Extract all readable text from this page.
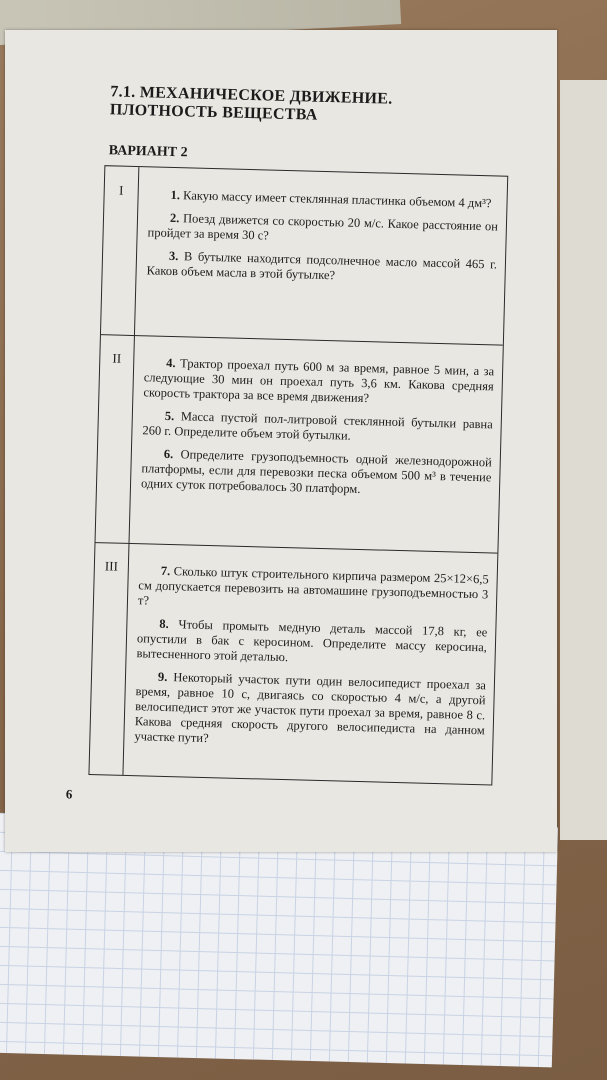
7.1. МЕХАНИЧЕСКОЕ ДВИЖЕНИЕ.
ПЛОТНОСТЬ ВЕЩЕСТВА
ВАРИАНТ 2
I	1. Какую массу имеет стеклянная пластинка объемом 4 дм³?

2. Поезд движется со скоростью 20 м/с. Какое расстояние он пройдет за время 30 с?

3. В бутылке находится подсолнечное масло массой 465 г. Каков объем масла в этой бутылке?

II	4. Трактор проехал путь 600 м за время, равное 5 мин, а за следующие 30 мин он проехал путь 3,6 км. Какова средняя скорость трактора за все время движения?

5. Масса пустой пол-литровой стеклянной бутылки равна 260 г. Определите объем этой бутылки.

6. Определите грузоподъемность одной железнодорожной платформы, если для перевозки песка объемом 500 м³ в течение одних суток потребовалось 30 платформ.

III	7. Сколько штук строительного кирпича размером 25×12×6,5 см допускается перевозить на автомашине грузоподъемностью 3 т?

8. Чтобы промыть медную деталь массой 17,8 кг, ее опустили в бак с керосином. Определите массу керосина, вытесненного этой деталью.

9. Некоторый участок пути один велосипедист проехал за время, равное 10 с, двигаясь со скоростью 4 м/с, а другой велосипедист этот же участок пути проехал за время, равное 8 с. Какова средняя скорость другого велосипедиста на данном участке пути?

6
